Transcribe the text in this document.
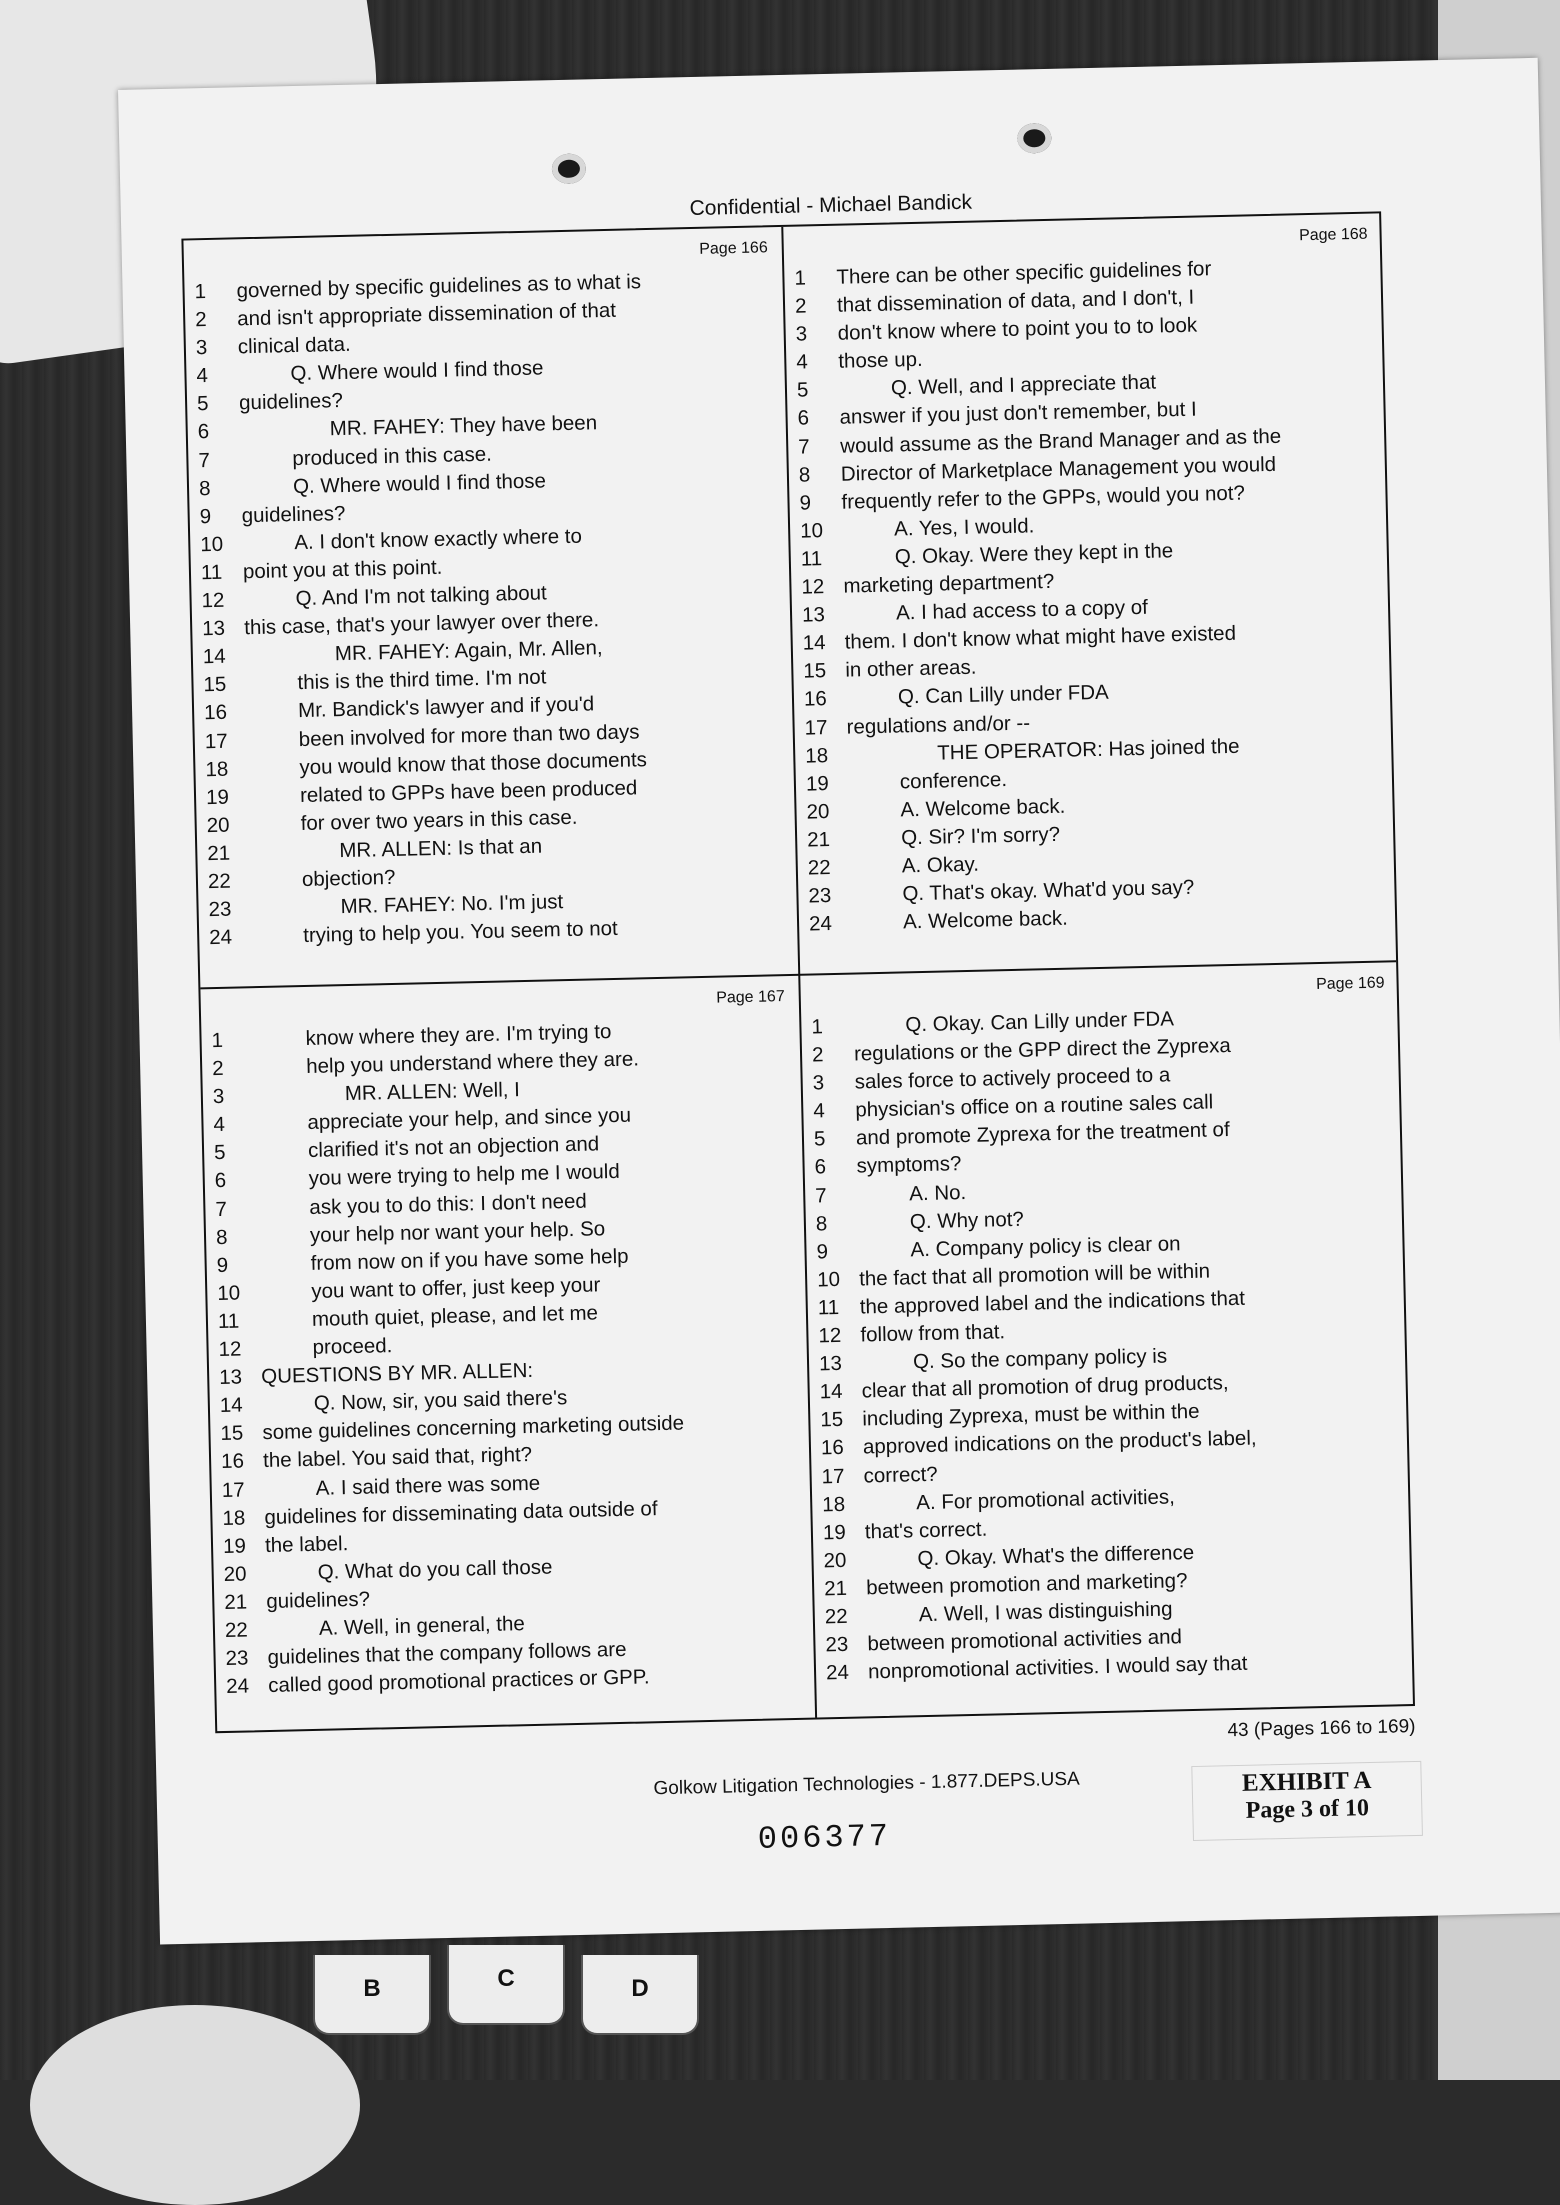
Confidential - Michael Bandick
Page 166
1	governed by specific guidelines as to what is
2	and isn't appropriate dissemination of that
3	clinical data.
4	Q. Where would I find those
5	guidelines?
6	MR. FAHEY: They have been
7	produced in this case.
8	Q. Where would I find those
9	guidelines?
10	A. I don't know exactly where to
11 point you at this point.
12	Q. And I'm not talking about
13 this case, that's your lawyer over there.
14	MR. FAHEY: Again, Mr. Allen,
15	this is the third time. I'm not
16	Mr. Bandick's lawyer and if you'd
17	been involved for more than two days
18	you would know that those documents
19	related to GPPs have been produced
20	for over two years in this case.
21	MR. ALLEN: Is that an
22	objection?
23	MR. FAHEY: No. I'm just
24	trying to help you. You seem to not
Page 168
1	There can be other specific guidelines for
2	that dissemination of data, and I don't, I
3	don't know where to point you to to look
4	those up.
5	Q. Well, and I appreciate that
6	answer if you just don't remember, but I
7	would assume as the Brand Manager and as the
8	Director of Marketplace Management you would
9	frequently refer to the GPPs, would you not?
10	A. Yes, I would.
11	Q. Okay. Were they kept in the
12 marketing department?
13	A. I had access to a copy of
14 them. I don't know what might have existed
15 in other areas.
16	Q. Can Lilly under FDA
17 regulations and/or --
18	THE OPERATOR: Has joined the
19	conference.
20	A. Welcome back.
21	Q. Sir? I'm sorry?
22	A. Okay.
23	Q. That's okay. What'd you say?
24	A. Welcome back.
Page 167
1	know where they are. I'm trying to
2	help you understand where they are.
3	MR. ALLEN: Well, I
4	appreciate your help, and since you
5	clarified it's not an objection and
6	you were trying to help me I would
7	ask you to do this: I don't need
8	your help nor want your help. So
9	from now on if you have some help
10	you want to offer, just keep your
11	mouth quiet, please, and let me
12	proceed.
13 QUESTIONS BY MR. ALLEN:
14	Q. Now, sir, you said there's
15 some guidelines concerning marketing outside
16 the label. You said that, right?
17	A. I said there was some
18 guidelines for disseminating data outside of
19 the label.
20	Q. What do you call those
21 guidelines?
22	A. Well, in general, the
23 guidelines that the company follows are
24 called good promotional practices or GPP.
Page 169
1	Q. Okay. Can Lilly under FDA
2	regulations or the GPP direct the Zyprexa
3	sales force to actively proceed to a
4	physician's office on a routine sales call
5	and promote Zyprexa for the treatment of
6	symptoms?
7	A. No.
8	Q. Why not?
9	A. Company policy is clear on
10 the fact that all promotion will be within
11 the approved label and the indications that
12 follow from that.
13	Q. So the company policy is
14 clear that all promotion of drug products,
15 including Zyprexa, must be within the
16 approved indications on the product's label,
17 correct?
18	A. For promotional activities,
19 that's correct.
20	Q. Okay. What's the difference
21 between promotion and marketing?
22	A. Well, I was distinguishing
23 between promotional activities and
24 nonpromotional activities. I would say that
43 (Pages 166 to 169)
Golkow Litigation Technologies - 1.877.DEPS.USA	EXHIBIT A
Page 3 of 10
006377
B	C	D
